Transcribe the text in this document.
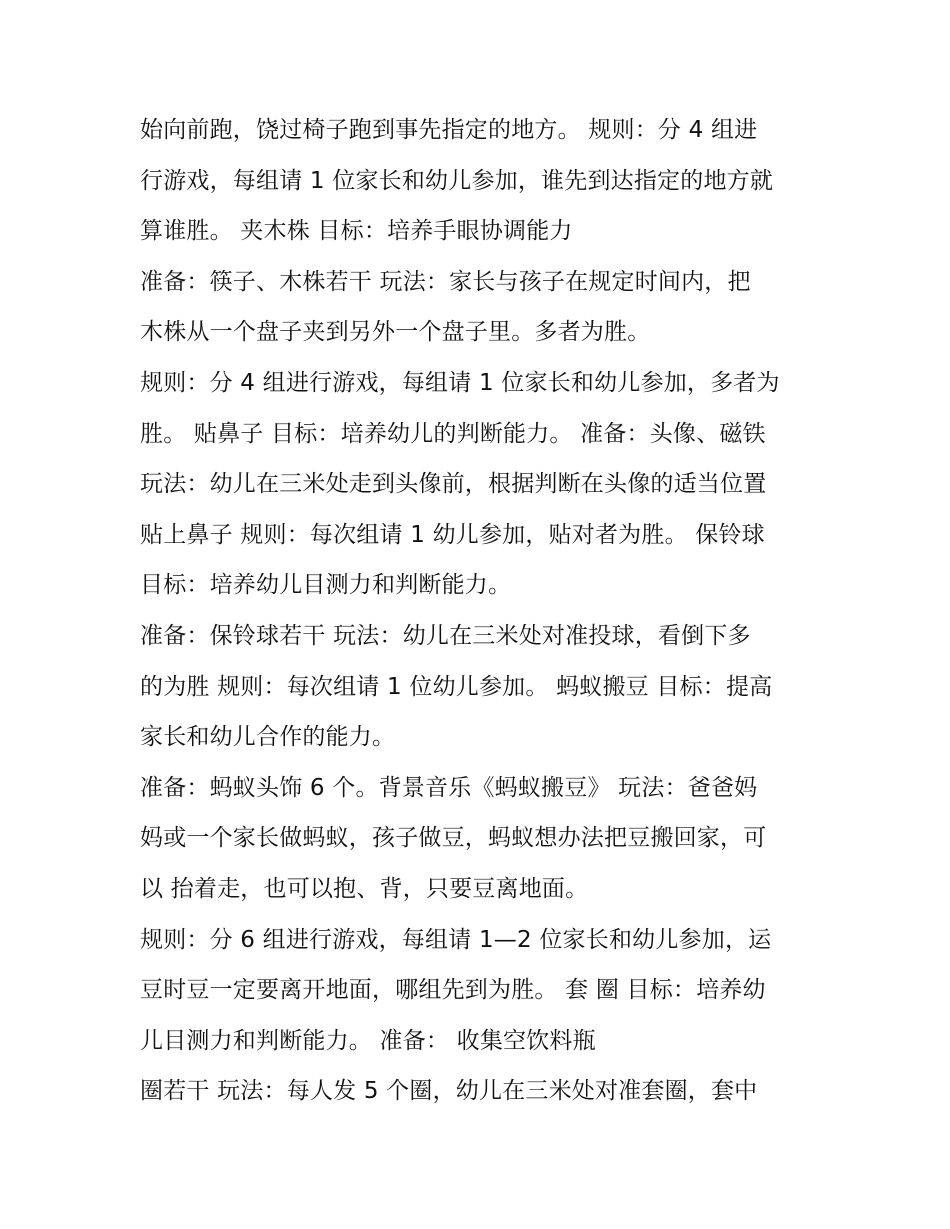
始向前跑，饶过椅子跑到事先指定的地方。 规则：分 4 组进
行游戏，每组请 1 位家长和幼儿参加，谁先到达指定的地方就
算谁胜。 夹木株 目标：培养手眼协调能力
准备：筷子、木株若干 玩法：家长与孩子在规定时间内，把
木株从一个盘子夹到另外一个盘子里。多者为胜。
规则：分 4 组进行游戏，每组请 1 位家长和幼儿参加，多者为
胜。 贴鼻子 目标：培养幼儿的判断能力。 准备：头像、磁铁
玩法：幼儿在三米处走到头像前，根据判断在头像的适当位置
贴上鼻子 规则：每次组请 1 幼儿参加，贴对者为胜。 保铃球
目标：培养幼儿目测力和判断能力。
准备：保铃球若干 玩法：幼儿在三米处对准投球，看倒下多
的为胜 规则：每次组请 1 位幼儿参加。 蚂蚁搬豆 目标：提高
家长和幼儿合作的能力。
准备：蚂蚁头饰 6 个。背景音乐《蚂蚁搬豆》 玩法：爸爸妈
妈或一个家长做蚂蚁，孩子做豆，蚂蚁想办法把豆搬回家，可
以 抬着走，也可以抱、背，只要豆离地面。
规则：分 6 组进行游戏，每组请 1—2 位家长和幼儿参加，运
豆时豆一定要离开地面，哪组先到为胜。 套 圈 目标：培养幼
儿目测力和判断能力。 准备： 收集空饮料瓶
圈若干 玩法：每人发 5 个圈，幼儿在三米处对准套圈，套中
